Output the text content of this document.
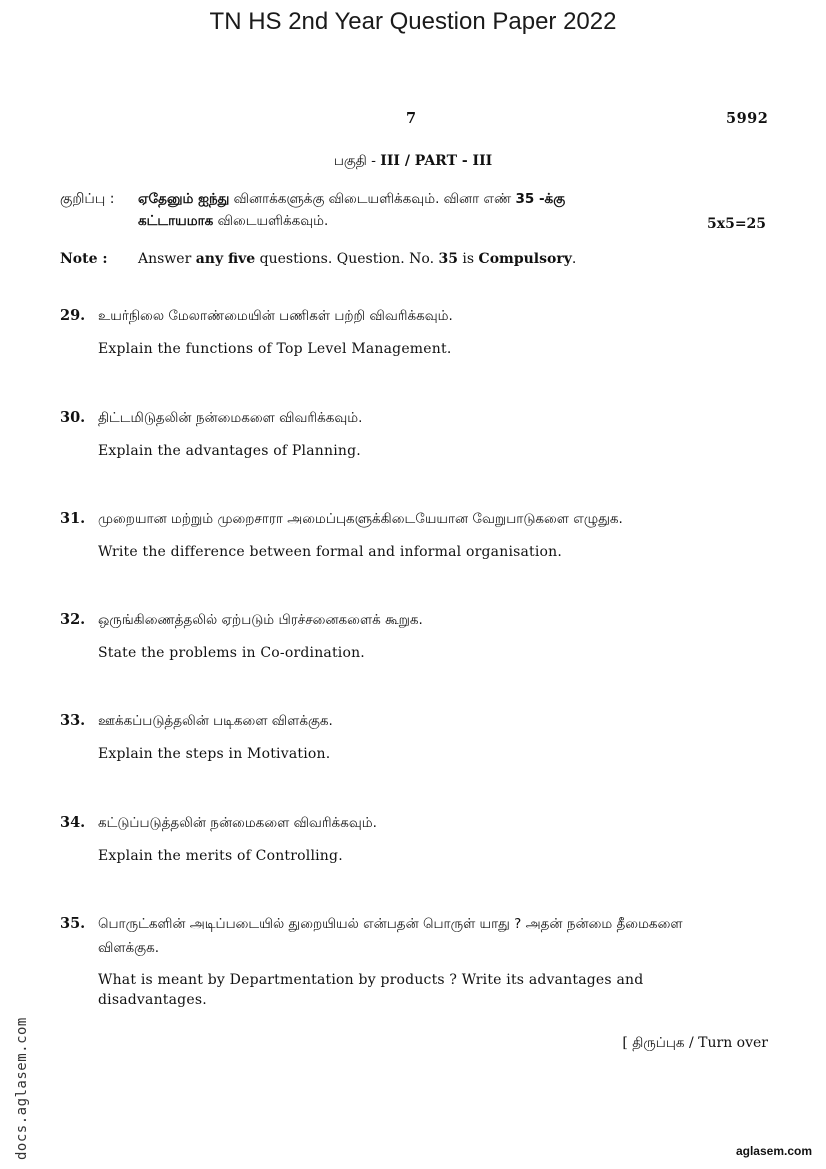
TN HS 2nd Year Question Paper 2022
7	5992
பகுதி - III / PART - III
குறிப்பு : ஏதேனும் ஐந்து வினாக்களுக்கு விடையளிக்கவும். வினா எண் 35 -க்கு
கட்டாயமாக விடையளிக்கவும்.	5x5=25
Note : Answer any five questions. Question. No. 35 is Compulsory.
29. உயர்நிலை மேலாண்மையின் பணிகள் பற்றி விவரிக்கவும்.
Explain the functions of Top Level Management.
30. திட்டமிடுதலின் நன்மைகளை விவரிக்கவும்.
Explain the advantages of Planning.
31. முறையான மற்றும் முறைசாரா அமைப்புகளுக்கிடையேயான வேறுபாடுகளை எழுதுக.
Write the difference between formal and informal organisation.
32. ஒருங்கிணைத்தலில் ஏற்படும் பிரச்சனைகளைக் கூறுக.
State the problems in Co-ordination.
33. ஊக்கப்படுத்தலின் படிகளை விளக்குக.
Explain the steps in Motivation.
34. கட்டுப்படுத்தலின் நன்மைகளை விவரிக்கவும்.
Explain the merits of Controlling.
35. பொருட்களின் அடிப்படையில் துறையியல் என்பதன் பொருள் யாது ? அதன் நன்மை தீமைகளை விளக்குக.
What is meant by Departmentation by products ? Write its advantages and disadvantages.
[ திருப்புக / Turn over
docs.aglasem.com	aglasem.com
